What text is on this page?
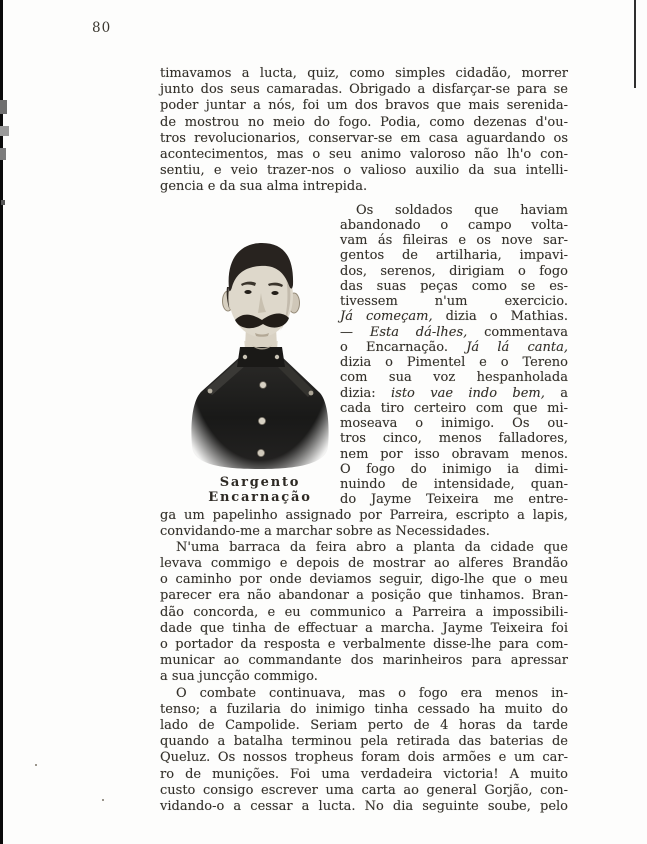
80
timavamos a lucta, quiz, como simples cidadão, morrer
junto dos seus camaradas. Obrigado a disfarçar-se para se
poder juntar a nós, foi um dos bravos que mais serenida-
de mostrou no meio do fogo. Podia, como dezenas d'ou-
tros revolucionarios, conservar-se em casa aguardando os
acontecimentos, mas o seu animo valoroso não lh'o con-
sentiu, e veio trazer-nos o valioso auxilio da sua intelli-
gencia e da sua alma intrepida.
Sargento Encarnação
Os soldados que haviam
abandonado o campo volta-
vam ás fileiras e os nove sar-
gentos de artilharia, impavi-
dos, serenos, dirigiam o fogo
das suas peças como se es-
tivessem n'um exercicio.
Já começam, dizia o Mathias.
— Esta dá-lhes, commentava
o Encarnação. Já lá canta,
dizia o Pimentel e o Tereno
com sua voz hespanholada
dizia: isto vae indo bem, a
cada tiro certeiro com que mi-
moseava o inimigo. Os ou-
tros cinco, menos falladores,
nem por isso obravam menos.
O fogo do inimigo ia dimi-
nuindo de intensidade, quan-
do Jayme Teixeira me entre-
ga um papelinho assignado por Parreira, escripto a lapis,
convidando-me a marchar sobre as Necessidades.
N'uma barraca da feira abro a planta da cidade que
levava commigo e depois de mostrar ao alferes Brandão
o caminho por onde deviamos seguir, digo-lhe que o meu
parecer era não abandonar a posição que tinhamos. Bran-
dão concorda, e eu communico a Parreira a impossibili-
dade que tinha de effectuar a marcha. Jayme Teixeira foi
o portador da resposta e verbalmente disse-lhe para com-
municar ao commandante dos marinheiros para apressar
a sua juncção commigo.
O combate continuava, mas o fogo era menos in-
tenso; a fuzilaria do inimigo tinha cessado ha muito do
lado de Campolide. Seriam perto de 4 horas da tarde
quando a batalha terminou pela retirada das baterias de
Queluz. Os nossos tropheus foram dois armões e um car-
ro de munições. Foi uma verdadeira victoria! A muito
custo consigo escrever uma carta ao general Gorjão, con-
vidando-o a cessar a lucta. No dia seguinte soube, pelo
